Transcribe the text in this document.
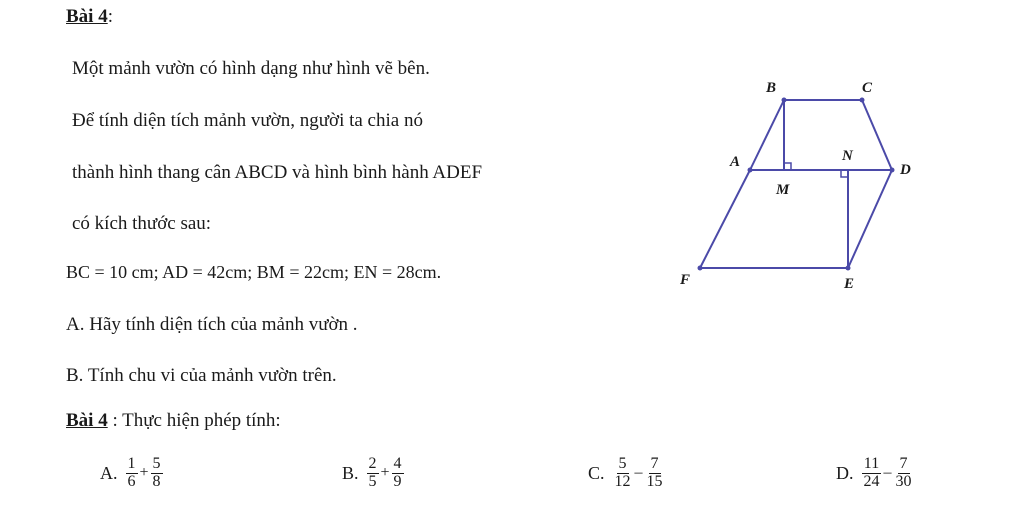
Bài 4:
Một mảnh vườn có hình dạng như hình vẽ bên.
Để tính diện tích mảnh vườn, người ta chia nó
thành hình thang cân ABCD và hình bình hành ADEF
có kích thước sau:
BC = 10 cm; AD = 42cm; BM = 22cm; EN = 28cm.
A. Hãy tính diện tích của mảnh vườn .
B. Tính chu vi của mảnh vườn trên.
Bài 4 : Thực hiện phép tính:
A. $\frac{1}{6} + \frac{5}{8}$	B. $\frac{2}{5} + \frac{4}{9}$	C. $\frac{5}{12} - \frac{7}{15}$	D. $\frac{11}{24} - \frac{7}{30}$
B	C
A	N
D
M
F	E
